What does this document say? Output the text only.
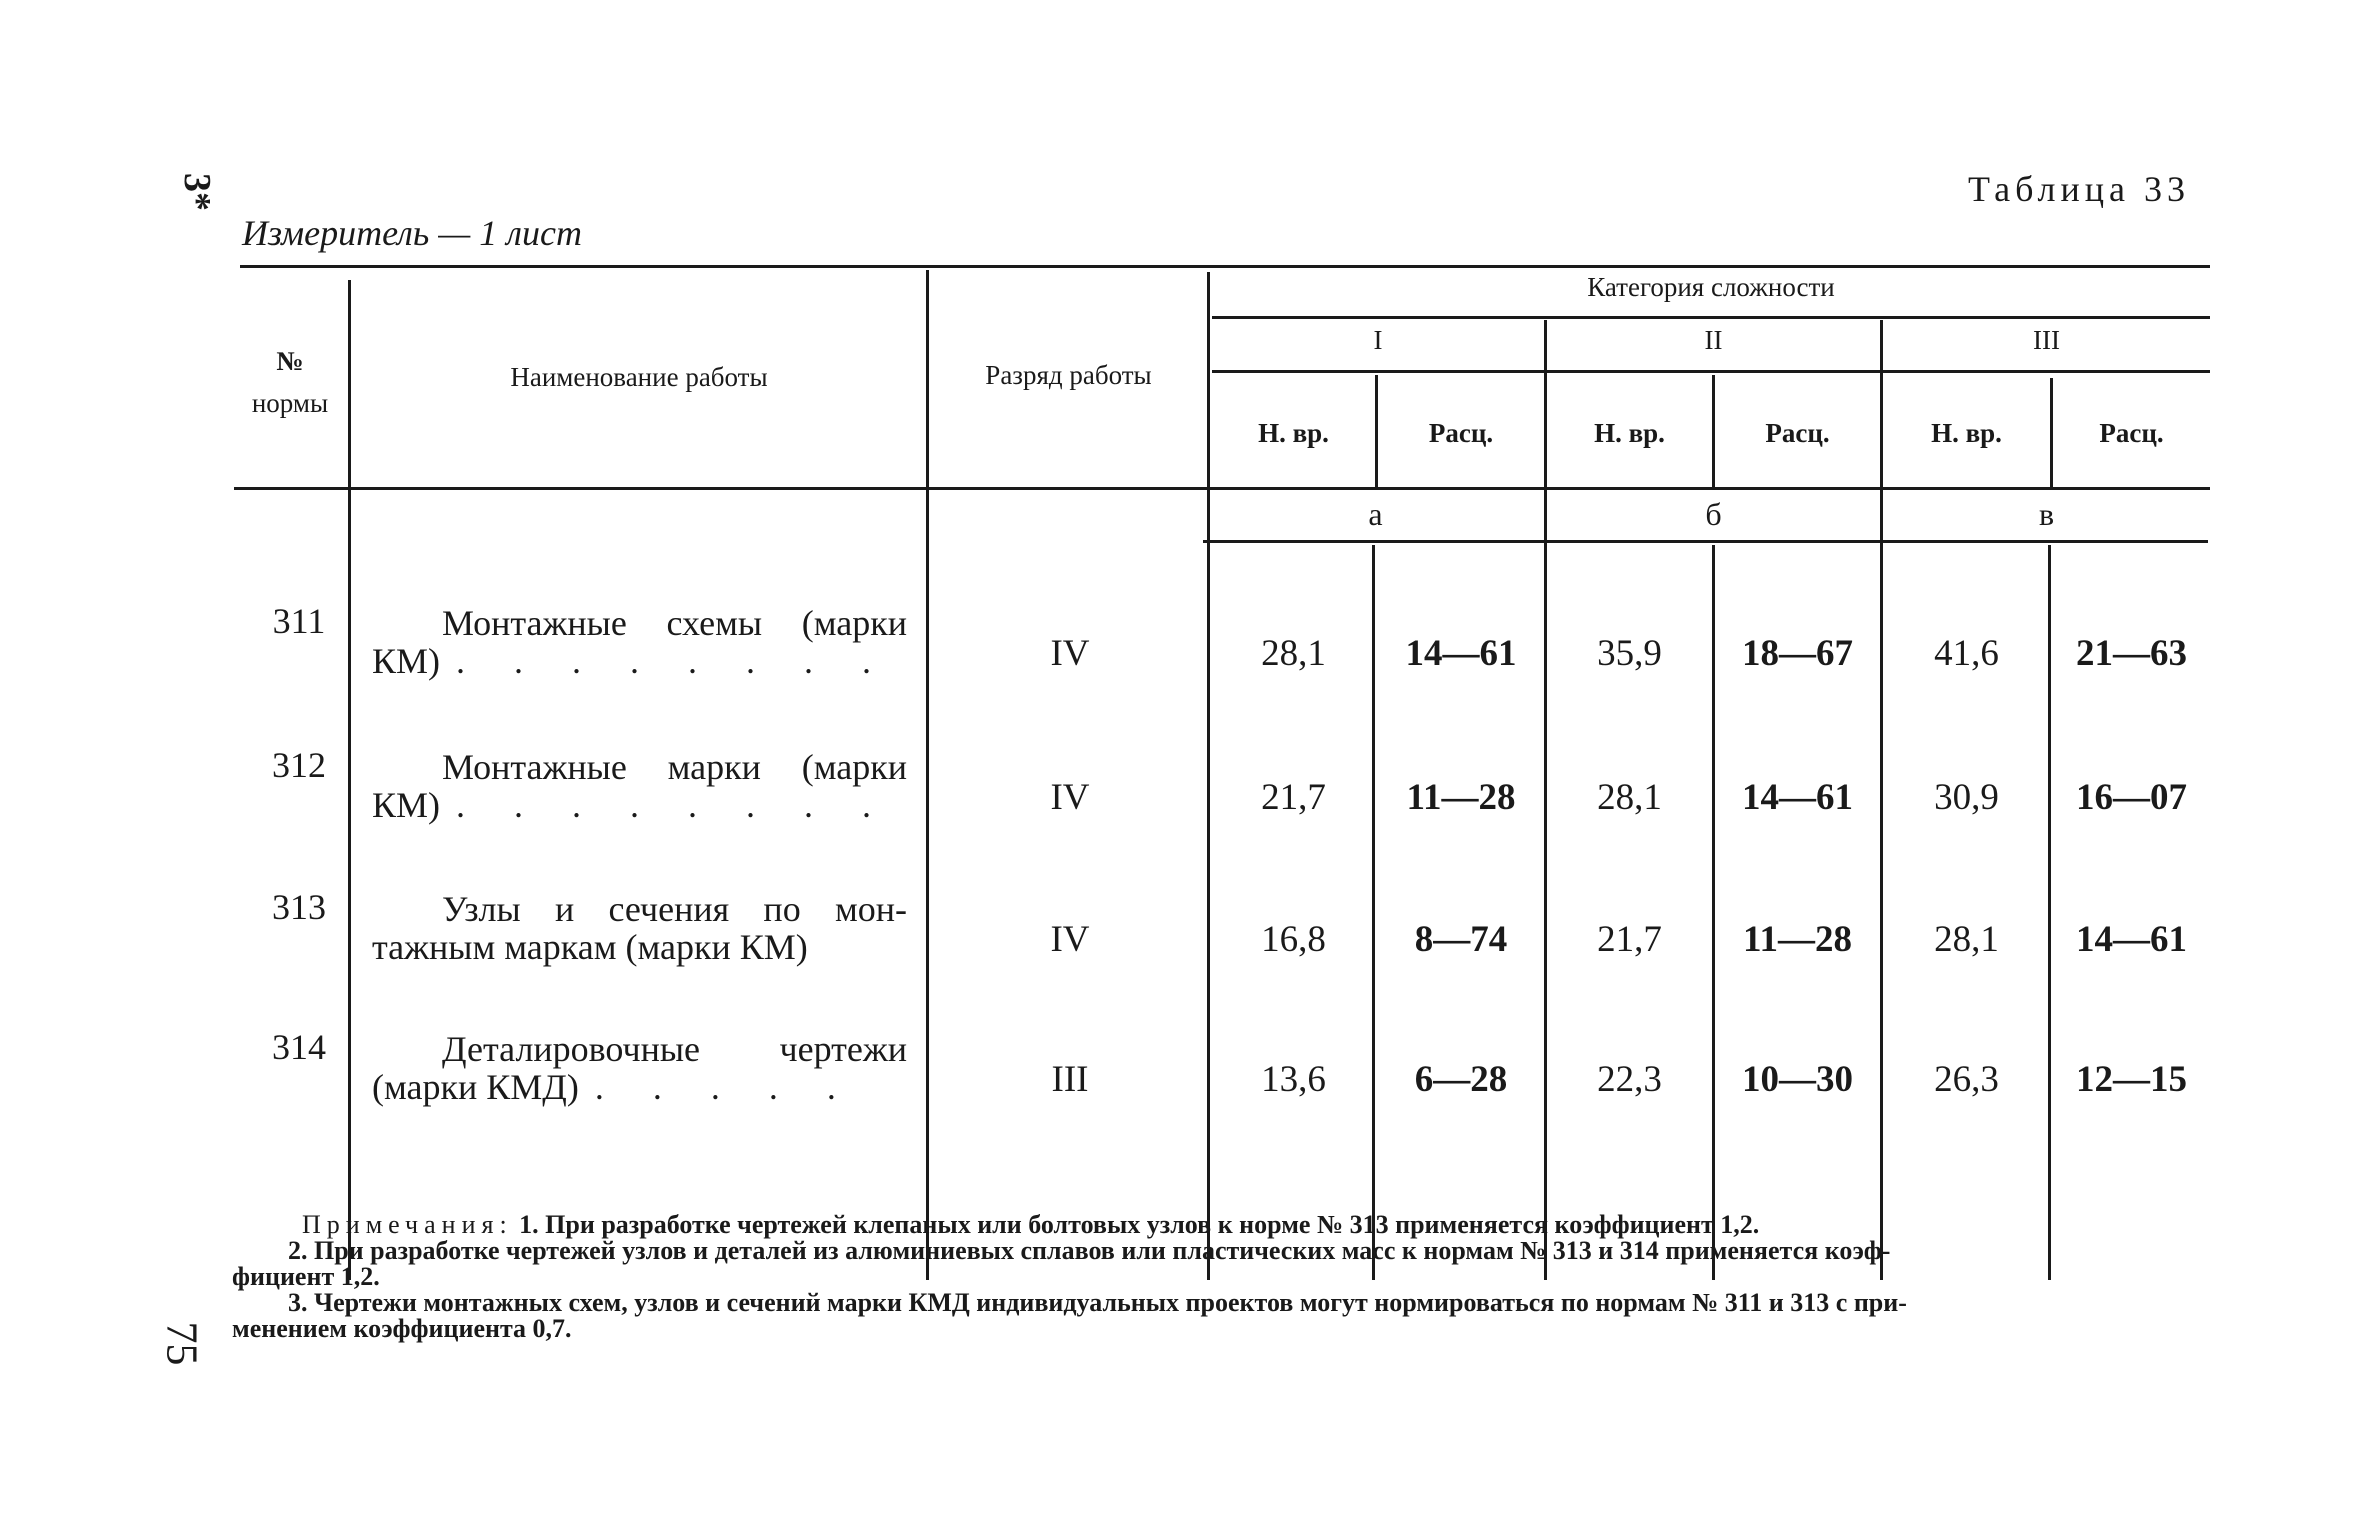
3*
75
Таблица 33
Измеритель — 1 лист
№
нормы
Наименование работы	Разряд работы
Категория сложности
I	II	III
Н. вр.	Расц.	Н. вр.	Расц.	Н. вр.	Расц.
а	б	в
311	Монтажные схемы (марки
КМ) . . . . . . . .	IV	28,1	14—61	35,9	18—67	41,6	21—63
312	Монтажные марки (марки
КМ) . . . . . . . .	IV	21,7	11—28	28,1	14—61	30,9	16—07
313	Узлы и сечения по мон-
тажным маркам (марки КМ)	IV	16,8	8—74	21,7	11—28	28,1	14—61
314	Деталировочные чертежи
(марки КМД) . . . . .	III	13,6	6—28	22,3	10—30	26,3	12—15
Примечания: 1. При разработке чертежей клепаных или болтовых узлов к норме № 313 применяется коэффициент 1,2.
2. При разработке чертежей узлов и деталей из алюминиевых сплавов или пластических масс к нормам № 313 и 314 применяется коэф-
фициент 1,2.
3. Чертежи монтажных схем, узлов и сечений марки КМД индивидуальных проектов могут нормироваться по нормам № 311 и 313 с при-
менением коэффициента 0,7.
